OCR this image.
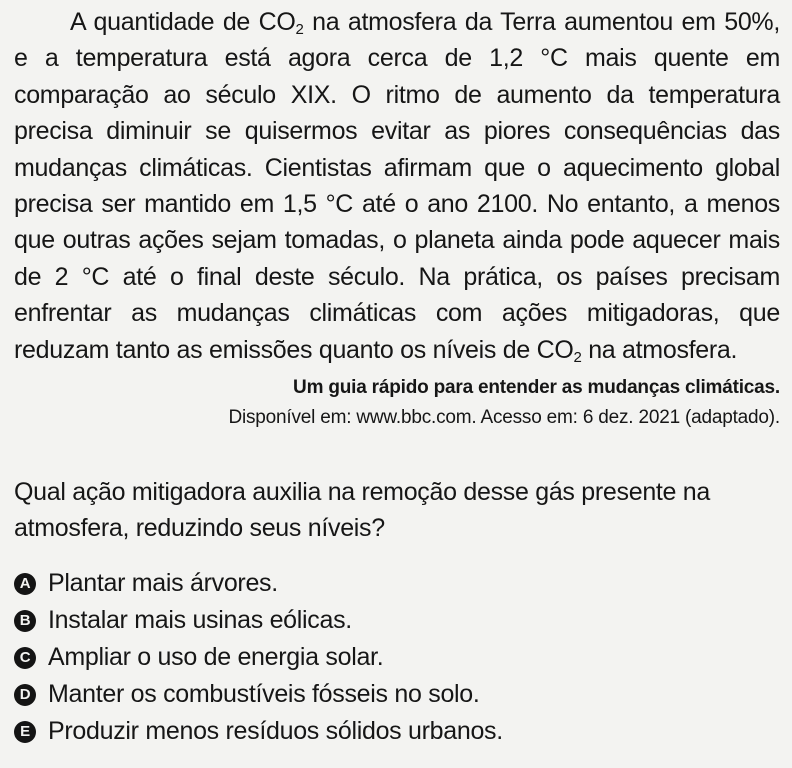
A quantidade de $CO_2$ na atmosfera da Terra aumentou em 50%, e a temperatura está agora cerca de 1,2 °C mais quente em comparação ao século XIX. O ritmo de aumento da temperatura precisa diminuir se quisermos evitar as piores consequências das mudanças climáticas. Cientistas afirmam que o aquecimento global precisa ser mantido em 1,5 °C até o ano 2100. No entanto, a menos que outras ações sejam tomadas, o planeta ainda pode aquecer mais de 2 °C até o final deste século. Na prática, os países precisam enfrentar as mudanças climáticas com ações mitigadoras, que reduzam tanto as emissões quanto os níveis de $CO_2$ na atmosfera.

Um guia rápido para entender as mudanças climáticas.
Disponível em: www.bbc.com. Acesso em: 6 dez. 2021 (adaptado).

Qual ação mitigadora auxilia na remoção desse gás presente na atmosfera, reduzindo seus níveis?

A Plantar mais árvores.
B Instalar mais usinas eólicas.
C Ampliar o uso de energia solar.
D Manter os combustíveis fósseis no solo.
E Produzir menos resíduos sólidos urbanos.
